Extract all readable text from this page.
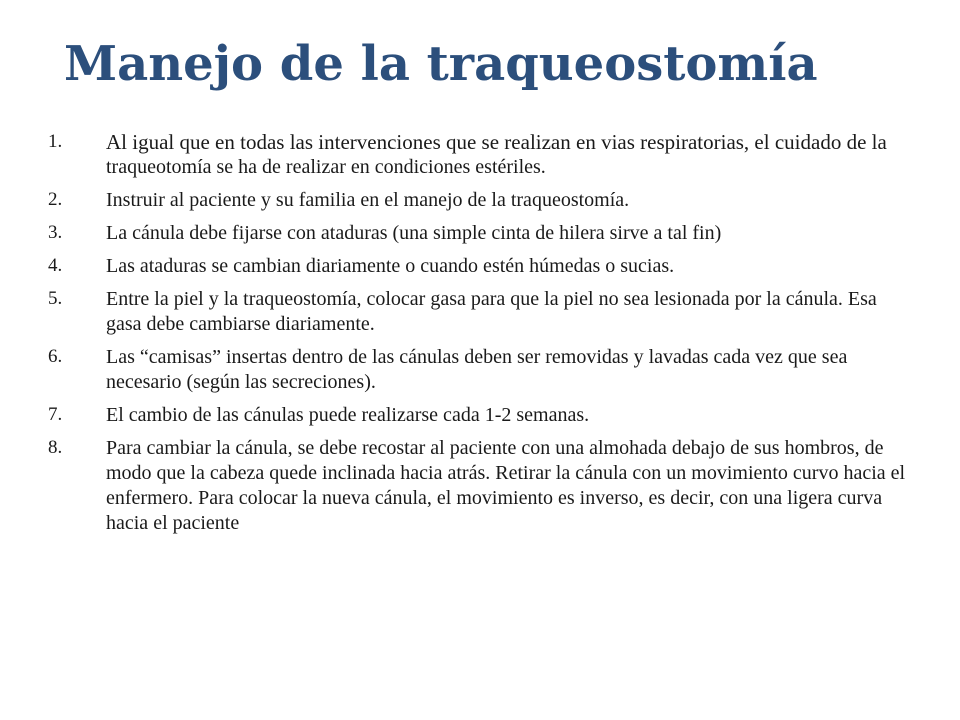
Manejo de la traqueostomía
1.	Al igual que en todas las intervenciones que se realizan en vias respiratorias, el cuidado de la traqueotomía se ha de realizar en condiciones estériles.
2.	Instruir al paciente y su familia en el manejo de la traqueostomía.
3.	La cánula debe fijarse con ataduras (una simple cinta de hilera sirve a tal fin)
4.	Las ataduras se cambian diariamente o cuando estén húmedas o sucias.
5.	Entre la piel y la traqueostomía, colocar gasa para que la piel no sea lesionada por la cánula. Esa gasa debe cambiarse diariamente.
6.	Las “camisas” insertas dentro de las cánulas deben ser removidas y lavadas cada vez que sea necesario (según las secreciones).
7.	El cambio de las cánulas puede realizarse cada 1-2 semanas.
8.	Para cambiar la cánula, se debe recostar al paciente con una almohada debajo de sus hombros, de modo que la cabeza quede inclinada hacia atrás. Retirar la cánula con un movimiento curvo hacia el enfermero. Para colocar la nueva cánula, el movimiento es inverso, es decir, con una ligera curva hacia el paciente
